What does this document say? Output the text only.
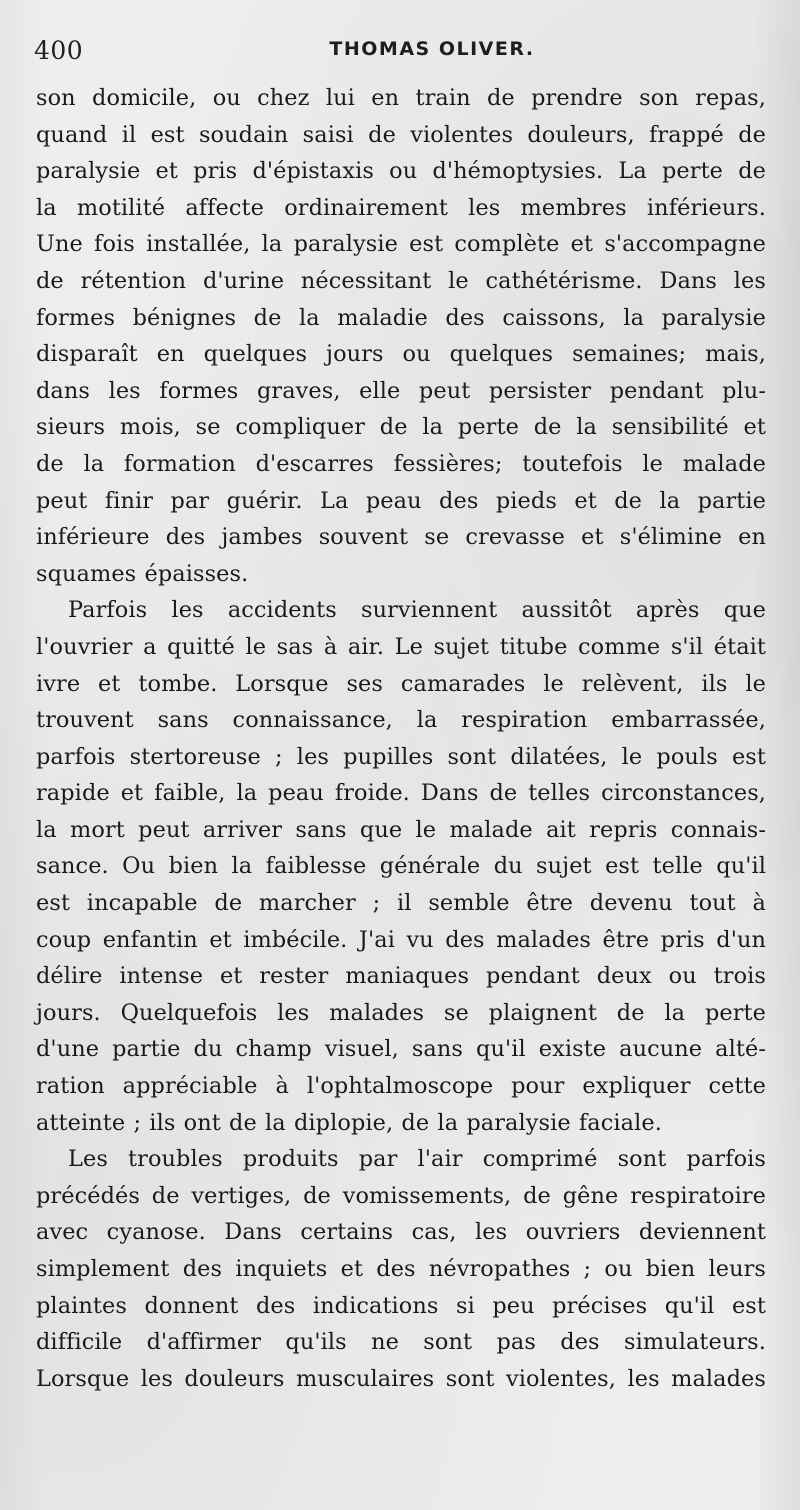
400	THOMAS OLIVER.
son domicile, ou chez lui en train de prendre son repas,
quand il est soudain saisi de violentes douleurs, frappé de
paralysie et pris d'épistaxis ou d'hémoptysies. La perte de
la motilité affecte ordinairement les membres inférieurs.
Une fois installée, la paralysie est complète et s'accompagne
de rétention d'urine nécessitant le cathétérisme. Dans les
formes bénignes de la maladie des caissons, la paralysie
disparaît en quelques jours ou quelques semaines; mais,
dans les formes graves, elle peut persister pendant plu-
sieurs mois, se compliquer de la perte de la sensibilité et
de la formation d'escarres fessières; toutefois le malade
peut finir par guérir. La peau des pieds et de la partie
inférieure des jambes souvent se crevasse et s'élimine en
squames épaisses.
Parfois les accidents surviennent aussitôt après que
l'ouvrier a quitté le sas à air. Le sujet titube comme s'il était
ivre et tombe. Lorsque ses camarades le relèvent, ils le
trouvent sans connaissance, la respiration embarrassée,
parfois stertoreuse ; les pupilles sont dilatées, le pouls est
rapide et faible, la peau froide. Dans de telles circonstances,
la mort peut arriver sans que le malade ait repris connais-
sance. Ou bien la faiblesse générale du sujet est telle qu'il
est incapable de marcher ; il semble être devenu tout à
coup enfantin et imbécile. J'ai vu des malades être pris d'un
délire intense et rester maniaques pendant deux ou trois
jours. Quelquefois les malades se plaignent de la perte
d'une partie du champ visuel, sans qu'il existe aucune alté-
ration appréciable à l'ophtalmoscope pour expliquer cette
atteinte ; ils ont de la diplopie, de la paralysie faciale.
Les troubles produits par l'air comprimé sont parfois
précédés de vertiges, de vomissements, de gêne respiratoire
avec cyanose. Dans certains cas, les ouvriers deviennent
simplement des inquiets et des névropathes ; ou bien leurs
plaintes donnent des indications si peu précises qu'il est
difficile d'affirmer qu'ils ne sont pas des simulateurs.
Lorsque les douleurs musculaires sont violentes, les malades
